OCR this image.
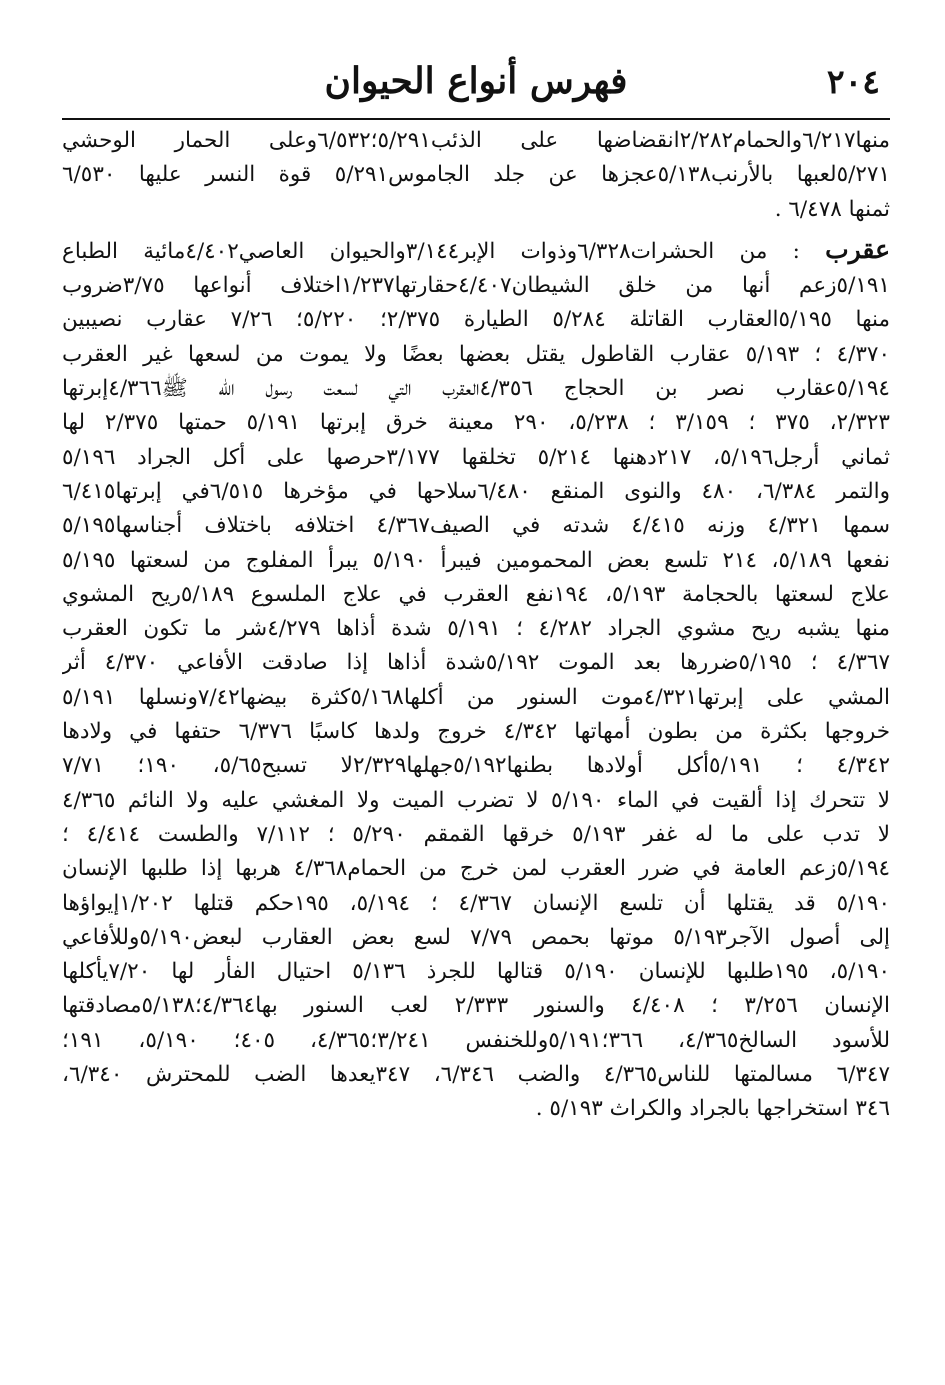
٢٠٤
فهرس أنواع الحيوان
منها٦/٢١٧والحمام٢/٢٨٢انقضاضها على الذئب٥/٢٩١؛٦/٥٣٢وعلى الحمار الوحشي
٥/٢٧١لعبها بالأرنب٥/١٣٨عجزها عن جلد الجاموس٥/٢٩١ قوة النسر عليها ٦/٥٣٠
ثمنها ٦/٤٧٨ .
عقرب : من الحشرات٦/٣٢٨وذوات الإبر٣/١٤٤والحيوان العاصي٤/٤٠٢مائية الطباع
٥/١٩١زعم أنها من خلق الشيطان٤/٤٠٧حقارتها١/٢٣٧اختلاف أنواعها ٣/٧٥ضروب
منها ٥/١٩٥العقارب القاتلة ٥/٢٨٤ الطيارة ٢/٣٧٥؛ ٥/٢٢٠؛ ٧/٢٦ عقارب نصيبين
٤/٣٧٠ ؛ ٥/١٩٣ عقارب القاطول يقتل بعضها بعضًا ولا يموت من لسعها غير العقرب
٥/١٩٤عقارب نصر بن الحجاج ٤/٣٥٦العقرب التي لسعت رسول الله ﷺ٤/٣٦٦إبرتها
٢/٣٢٣، ٣٧٥ ؛ ٣/١٥٩ ؛ ٥/٢٣٨، ٢٩٠ معينة خرق إبرتها ٥/١٩١ حمتها ٢/٣٧٥ لها
ثماني أرجل٥/١٩٦، ٢١٧دهنها ٥/٢١٤ تخلقها ٣/١٧٧حرصها على أكل الجراد ٥/١٩٦
والتمر ٦/٣٨٤، ٤٨٠ والنوى المنقع ٦/٤٨٠سلاحها في مؤخرها ٦/٥١٥في إبرتها٦/٤١٥
سمها ٤/٣٢١ وزنه ٤/٤١٥ شدته في الصيف٤/٣٦٧ اختلافه باختلاف أجناسها٥/١٩٥
نفعها ٥/١٨٩، ٢١٤ تلسع بعض المحمومين فيبرأ ٥/١٩٠ يبرأ المفلوج من لسعتها ٥/١٩٥
علاج لسعتها بالحجامة ٥/١٩٣، ١٩٤نفع العقرب في علاج الملسوع ٥/١٨٩ريح المشوي
منها يشبه ريح مشوي الجراد ٤/٢٨٢ ؛ ٥/١٩١ شدة أذاها ٤/٢٧٩شر ما تكون العقرب
٤/٣٦٧ ؛ ٥/١٩٥ضررها بعد الموت ٥/١٩٢شدة أذاها إذا صادقت الأفاعي ٤/٣٧٠ أثر
المشي على إبرتها٤/٣٢١موت السنور من أكلها٥/١٦٨كثرة بيضها٧/٤٢ونسلها ٥/١٩١
خروجها بكثرة من بطون أمهاتها ٤/٣٤٢ خروج ولدها كاسبًا ٦/٣٧٦ حتفها في ولادها
٤/٣٤٢ ؛ ٥/١٩١أكل أولادها بطنها٥/١٩٢جهلها٢/٣٢٩لا تسبح٥/٦٥، ١٩٠؛ ٧/٧١
لا تتحرك إذا ألقيت في الماء ٥/١٩٠ لا تضرب الميت ولا المغشي عليه ولا النائم ٤/٣٦٥
لا تدب على ما له غفر ٥/١٩٣ خرقها القمقم ٥/٢٩٠ ؛ ٧/١١٢ والطست ٤/٤١٤ ؛
٥/١٩٤زعم العامة في ضرر العقرب لمن خرج من الحمام٤/٣٦٨ هربها إذا طلبها الإنسان
٥/١٩٠ قد يقتلها أن تلسع الإنسان ٤/٣٦٧ ؛ ٥/١٩٤، ١٩٥حكم قتلها ١/٢٠٢إيواؤها
إلى أصول الآجر٥/١٩٣ موتها بحمص ٧/٧٩ لسع بعض العقارب لبعض٥/١٩٠وللأفاعي
٥/١٩٠، ١٩٥طلبها للإنسان ٥/١٩٠ قتالها للجرذ ٥/١٣٦ احتيال الفأر لها ٧/٢٠يأكلها
الإنسان ٣/٢٥٦ ؛ ٤/٤٠٨ والسنور ٢/٣٣٣ لعب السنور بها٤/٣٦٤؛٥/١٣٨مصادقتها
للأسود السالخ٤/٣٦٥، ٣٦٦؛٥/١٩١وللخنفس ٣/٢٤١؛٤/٣٦٥، ٤٠٥؛ ٥/١٩٠، ١٩١؛
٦/٣٤٧ مسالمتها للناس٤/٣٦٥ والضب ٦/٣٤٦، ٣٤٧يعدها الضب للمحترش ٦/٣٤٠،
٣٤٦ استخراجها بالجراد والكراث ٥/١٩٣ .
